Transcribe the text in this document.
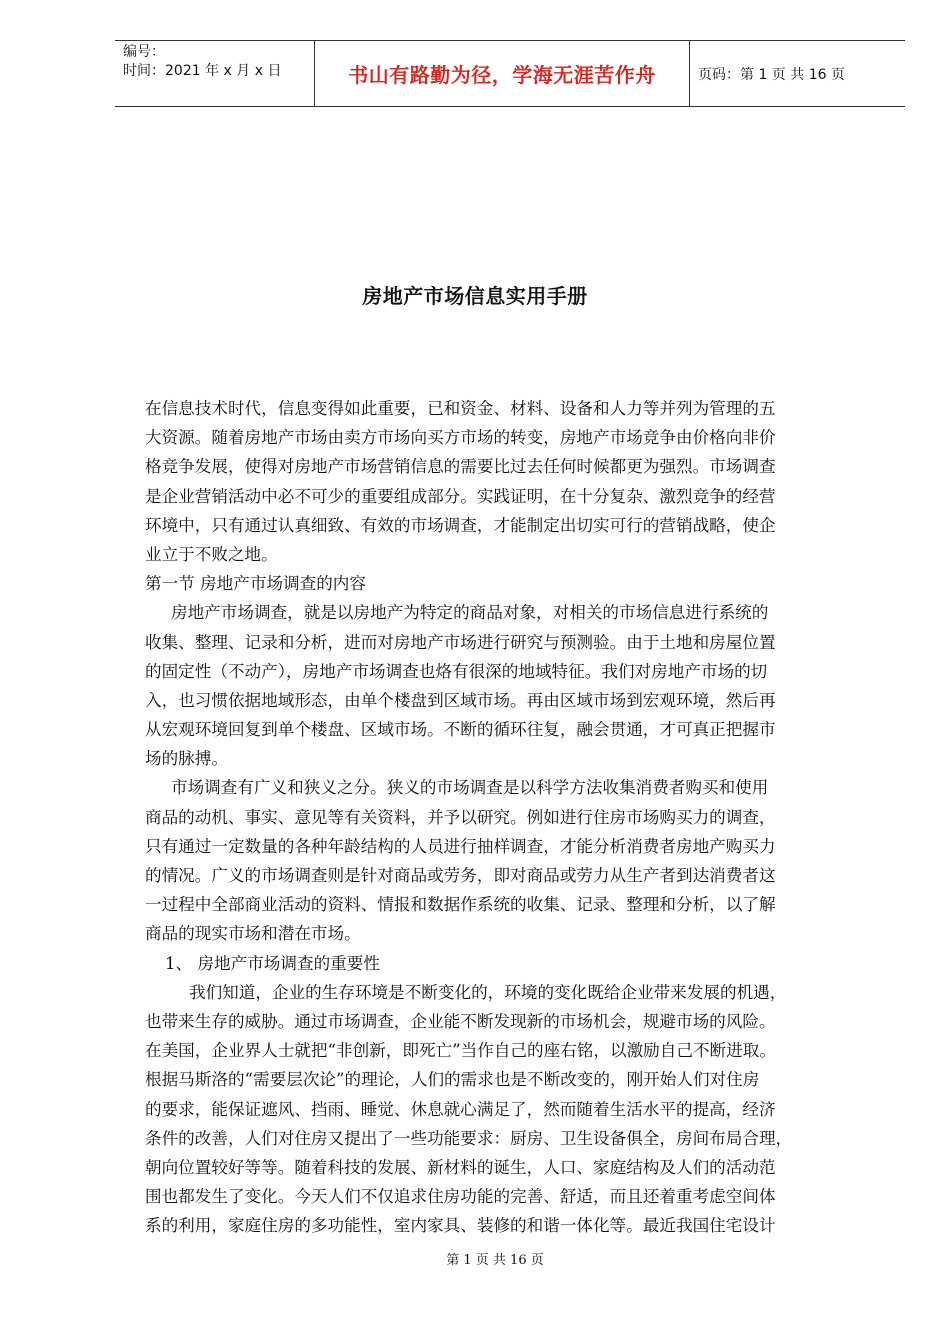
编号：
时间：2021 年 x 月 x 日	书山有路勤为径，学海无涯苦作舟	页码：第 1 页 共 16 页
房地产市场信息实用手册
在信息技术时代，信息变得如此重要，已和资金、材料、设备和人力等并列为管理的五
大资源。随着房地产市场由卖方市场向买方市场的转变，房地产市场竞争由价格向非价
格竞争发展，使得对房地产市场营销信息的需要比过去任何时候都更为强烈。市场调查
是企业营销活动中必不可少的重要组成部分。实践证明，在十分复杂、激烈竞争的经营
环境中，只有通过认真细致、有效的市场调查，才能制定出切实可行的营销战略，使企
业立于不败之地。
第一节 房地产市场调查的内容
房地产市场调查，就是以房地产为特定的商品对象，对相关的市场信息进行系统的
收集、整理、记录和分析，进而对房地产市场进行研究与预测验。由于土地和房屋位置
的固定性（不动产），房地产市场调查也烙有很深的地域特征。我们对房地产市场的切
入，也习惯依据地域形态，由单个楼盘到区域市场。再由区域市场到宏观环境，然后再
从宏观环境回复到单个楼盘、区域市场。不断的循环往复，融会贯通，才可真正把握市
场的脉搏。
市场调查有广义和狭义之分。狭义的市场调查是以科学方法收集消费者购买和使用
商品的动机、事实、意见等有关资料，并予以研究。例如进行住房市场购买力的调查，
只有通过一定数量的各种年龄结构的人员进行抽样调查，才能分析消费者房地产购买力
的情况。广义的市场调查则是针对商品或劳务，即对商品或劳力从生产者到达消费者这
一过程中全部商业活动的资料、情报和数据作系统的收集、记录、整理和分析，以了解
商品的现实市场和潜在市场。
1、 房地产市场调查的重要性
我们知道，企业的生存环境是不断变化的，环境的变化既给企业带来发展的机遇，
也带来生存的威胁。通过市场调查，企业能不断发现新的市场机会，规避市场的风险。
在美国，企业界人士就把“非创新，即死亡”当作自己的座右铭，以激励自己不断进取。
根据马斯洛的“需要层次论”的理论，人们的需求也是不断改变的，刚开始人们对住房
的要求，能保证遮风、挡雨、睡觉、休息就心满足了，然而随着生活水平的提高，经济
条件的改善，人们对住房又提出了一些功能要求：厨房、卫生设备俱全，房间布局合理，
朝向位置较好等等。随着科技的发展、新材料的诞生，人口、家庭结构及人们的活动范
围也都发生了变化。今天人们不仅追求住房功能的完善、舒适，而且还着重考虑空间体
系的利用，家庭住房的多功能性，室内家具、装修的和谐一体化等。最近我国住宅设计
第 1 页 共 16 页
